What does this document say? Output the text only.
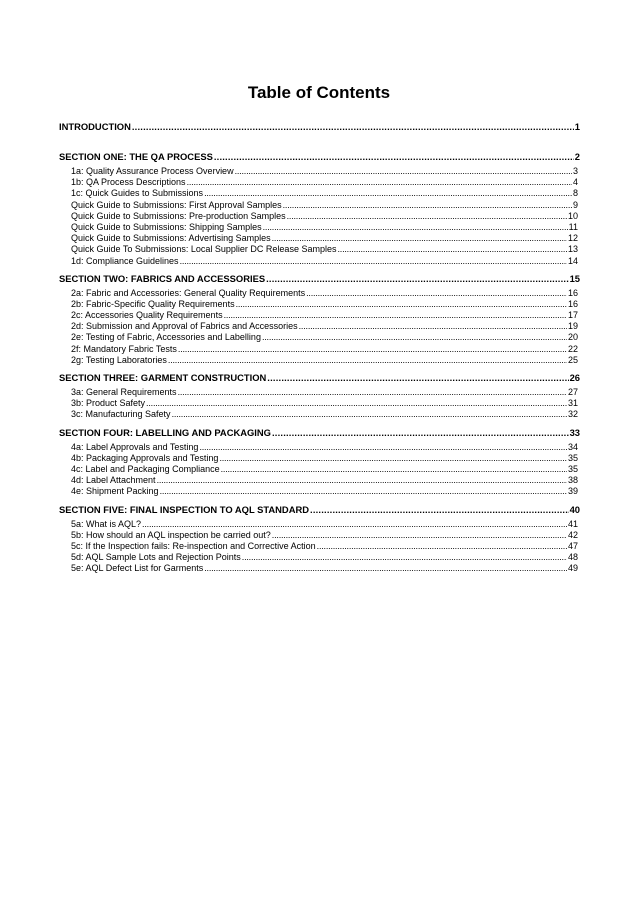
Table of Contents
INTRODUCTION .....	1
SECTION ONE: THE QA PROCESS .....	2
1a: Quality Assurance Process Overview .....	3
1b: QA Process Descriptions .....	4
1c: Quick Guides to Submissions .....	8
Quick Guide to Submissions: First Approval Samples .....	9
Quick Guide to Submissions: Pre-production Samples .....	10
Quick Guide to Submissions: Shipping Samples .....	11
Quick Guide to Submissions: Advertising Samples .....	12
Quick Guide To Submissions: Local Supplier DC Release Samples .....	13
1d: Compliance Guidelines .....	14
SECTION TWO: FABRICS AND ACCESSORIES .....	15
2a: Fabric and Accessories: General Quality Requirements .....	16
2b: Fabric-Specific Quality Requirements .....	16
2c: Accessories Quality Requirements .....	17
2d: Submission and Approval of Fabrics and Accessories .....	19
2e: Testing of Fabric, Accessories and Labelling .....	20
2f: Mandatory Fabric Tests .....	22
2g: Testing Laboratories .....	25
SECTION THREE: GARMENT CONSTRUCTION .....	26
3a: General Requirements .....	27
3b: Product Safety .....	31
3c: Manufacturing Safety .....	32
SECTION FOUR: LABELLING AND PACKAGING .....	33
4a: Label Approvals and Testing .....	34
4b: Packaging Approvals and Testing .....	35
4c: Label and Packaging Compliance .....	35
4d: Label Attachment .....	38
4e: Shipment Packing .....	39
SECTION FIVE: FINAL INSPECTION TO AQL STANDARD .....	40
5a: What is AQL? .....	41
5b: How should an AQL inspection be carried out? .....	42
5c: If the Inspection fails: Re-inspection and Corrective Action .....	47
5d: AQL Sample Lots and Rejection Points .....	48
5e: AQL Defect List for Garments .....	49
